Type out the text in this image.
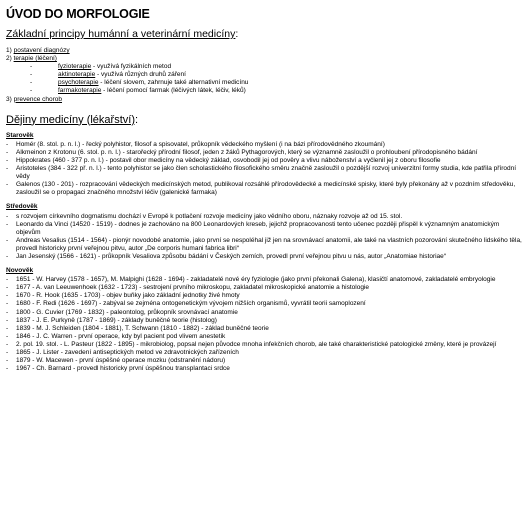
ÚVOD DO MORFOLOGIE
Základní principy humánní a veterinární medicíny:
1) postavení diagnózy
2) terapie (léčení)
-	fyzioterapie - využívá fyzikálních metod
-	aktinoterapie - využívá různých druhů záření
-	psychoterapie - léčení slovem, zahrnuje také alternativní medicínu
-	farmakoterapie - léčení pomocí farmak (léčivých látek, léčiv, léků)
3) prevence chorob
Dějiny medicíny (lékařství):
Starověk
-	Homér (8. stol. p. n. l.) - řecký polyhistor, filosof a spisovatel, průkopník vědeckého myšlení (i na bázi přírodovědného zkoumání)
-	Alkmeinon z Krotonu (6. stol. p. n. l.) - starořecký přírodní filosof, jeden z žáků Pythagorových, který se významně zasloužil o prohloubení přírodopisného bádání
-	Hippokrates (460 - 377 p. n. l.) - postavil obor medicíny na vědecký základ, osvobodil jej od pověry a vlivu náboženství a vyčlenil jej z oboru filosofie
-	Aristoteles (384 - 322 př. n. l.) - tento polyhistor se jako člen scholastického filosofického směru značně zasloužil o pozdější rozvoj univerzitní formy studia, kde patřila přírodní vědy
-	Galenos (130 - 201) - rozpracování vědeckých medicínských metod, publikoval rozsáhlé přírodovědecké a medicínské spisky, které byly překonány až v pozdním středověku, zasloužil se o propagaci značného množství léčiv (galenické farmaka)
Středověk
-	s rozvojem církevního dogmatismu dochází v Evropě k potlačení rozvoje medicíny jako vědního oboru, náznaky rozvoje až od 15. stol.
-	Leonardo da Vinci (14520 - 1519) - dodnes je zachováno na 800 Leonardových kreseb, jejichž propracovanosti tento učenec později přispěl k významným anatomickým objevům
-	Andreas Vesalius (1514 - 1564) - pionýr novodobé anatomie, jako první se nespoléhal již jen na srovnávací anatomii, ale také na vlastních pozorování skutečného lidského těla, provedl historicky první veřejnou pitvu, autor „De corporis humani fabrica libri“
-	Jan Jesenský (1566 - 1621) - průkopník Vesaliova způsobu bádání v Českých zemích, provedl první veřejnou pitvu u nás, autor „Anatomiae historiae“
Novověk
-	1651 - W. Harvey (1578 - 1657), M. Malpighi (1628 - 1694) - zakladatelé nové éry fyziologie (jako první překonali Galena), klasičtí anatomové, zakladatelé embryologie
-	1677 - A. van Leeuwenhoek (1632 - 1723) - sestrojení prvního mikroskopu, zakladatel mikroskopické anatomie a histologie
-	1670 - R. Hook (1635 - 1703) - objev buňky jako základní jednotky živé hmoty
-	1680 - F. Redi (1626 - 1697) - zabýval se zejména ontogenetickým vývojem nižších organismů, vyvrátil teorii samoplození
-	1800 - G. Cuvier (1769 - 1832) - paleontolog, průkopník srovnávací anatomie
-	1837 - J. E. Purkyně (1787 - 1869) - základy buněčné teorie (histolog)
-	1839 - M. J. Schleiden (1804 - 1881), T. Schwann (1810 - 1882) - základ buněčné teorie
-	1846 - J. C. Warren - první operace, kdy byl pacient pod vlivem anestetik
-	2. pol. 19. stol. - L. Pasteur (1822 - 1895) - mikrobiolog, popsal nejen původce mnoha infekčních chorob, ale také charakteristické patologické změny, které je provázejí
-	1865 - J. Lister - zavedení antiseptických metod ve zdravotnických zařízeních
-	1879 - W. Macewen - první úspěšné operace mozku (odstranění nádoru)
-	1967 - Ch. Barnard - provedl historicky první úspěšnou transplantaci srdce
